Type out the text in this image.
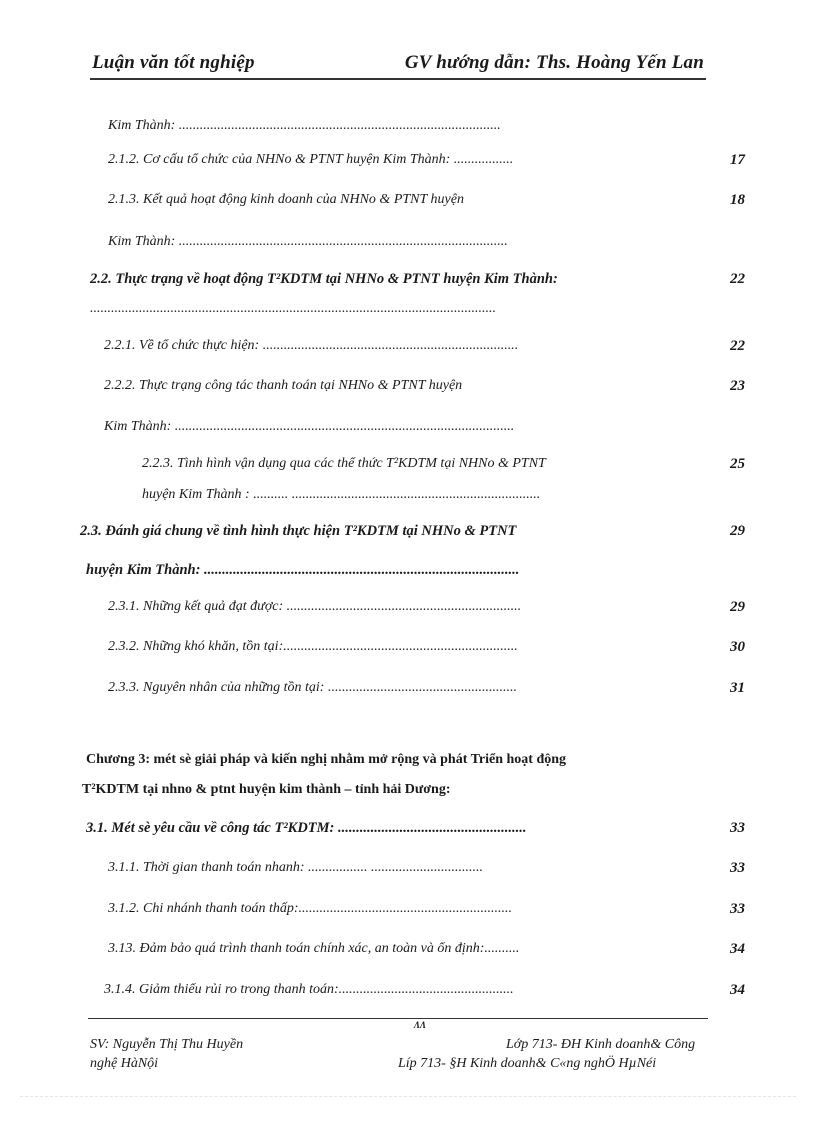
Luận văn tốt nghiệp	GV hướng dẫn: Ths. Hoàng Yến Lan
Kim Thành: ............................................................................................
2.1.2. Cơ cấu tổ chức của NHNo & PTNT huyện Kim Thành: .................	17
2.1.3. Kết quả hoạt động kinh doanh của NHNo & PTNT huyện	18
Kim Thành: ..............................................................................................
2.2. Thực trạng về hoạt động T²KDTM tại NHNo & PTNT huyện Kim Thành:	22
....................................................................................................................
2.2.1. Về tổ chức thực hiện: .........................................................................	22
2.2.2. Thực trạng công tác thanh toán tại NHNo & PTNT huyện	23
Kim Thành: .................................................................................................
2.2.3. Tình hình vận dụng qua các thể thức T²KDTM tại NHNo & PTNT	25
huyện Kim Thành : .......... .......................................................................
2.3. Đánh giá chung về tình hình thực hiện T²KDTM tại NHNo & PTNT	29
huyện Kim Thành: .......................................................................................
2.3.1. Những kết quả đạt được: ...................................................................	29
2.3.2. Những khó khăn, tồn tại:...................................................................	30
2.3.3. Nguyên nhân của những tồn tại: ......................................................	31
Chương 3: mét sè giải pháp và kiến nghị nhằm mở rộng và phát Triển hoạt động
T²KDTM tại nhno & ptnt huyện kim thành – tỉnh hải Dương:
3.1. Mét sè yêu cầu về công tác T²KDTM: ....................................................	33
3.1.1. Thời gian thanh toán nhanh: ................. ................................	33
3.1.2. Chi nhánh thanh toán thấp:.............................................................	33
3.13. Đảm bảo quá trình thanh toán chính xác, an toàn và ổn định:..........	34
3.1.4. Giảm thiểu rủi ro trong thanh toán:..................................................	34
ΛΛ
SV: Nguyễn Thị Thu Huyền	Lớp 713- ĐH Kinh doanh& Công
nghệ HàNội	Líp 713- §H Kinh doanh& C«ng nghÖ HµNéi
